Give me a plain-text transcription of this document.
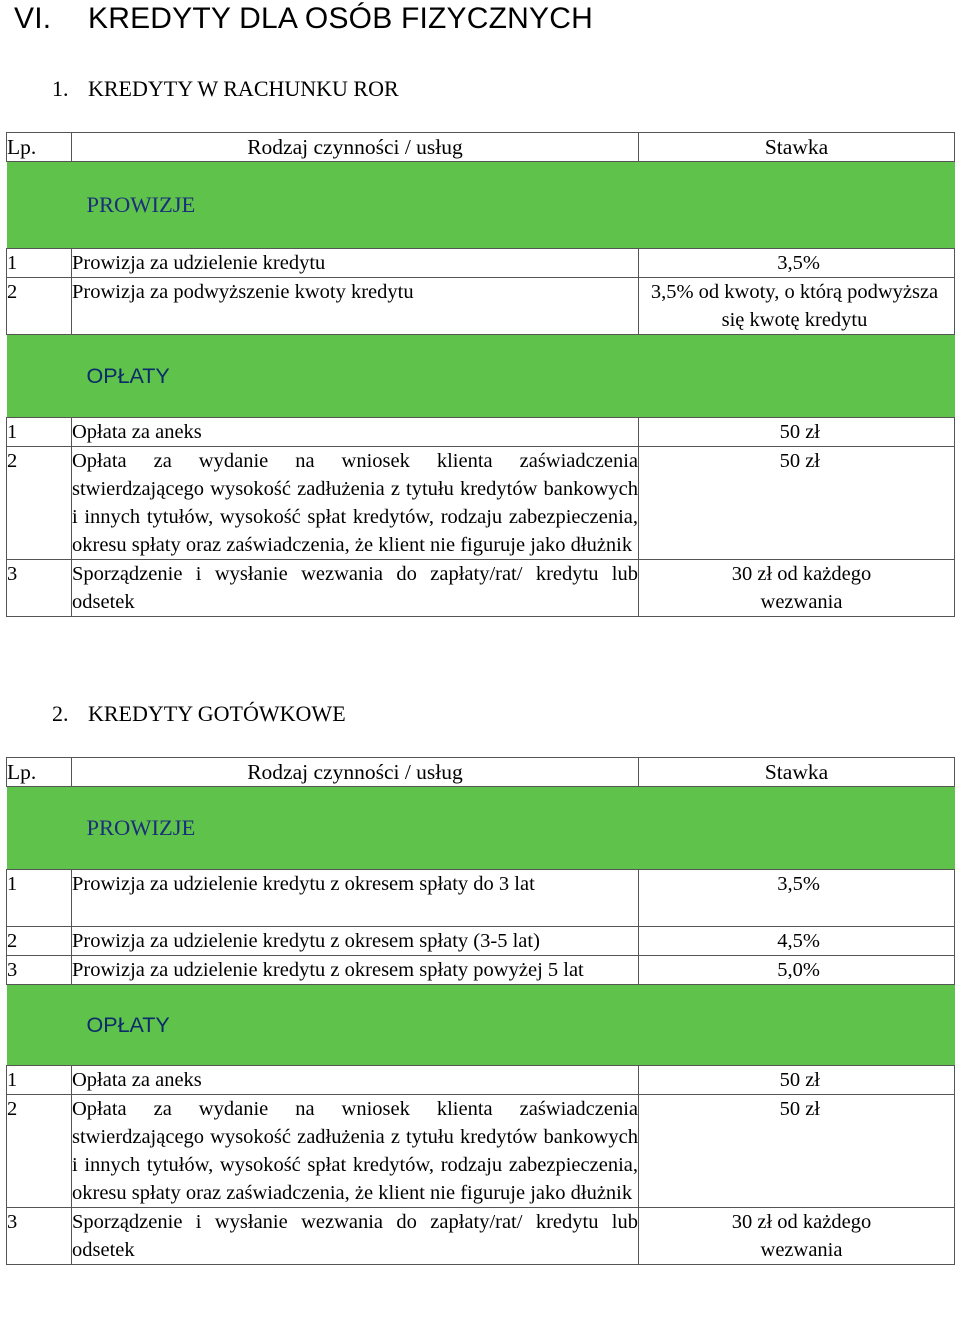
VI. KREDYTY DLA OSÓB FIZYCZNYCH
1. KREDYTY W RACHUNKU ROR
Lp.	Rodzaj czynności / usług	Stawka
PROWIZJE		
1	Prowizja za udzielenie kredytu	3,5%
2	Prowizja za podwyższenie kwoty kredytu	3,5% od kwoty, o którą podwyższa się kwotę kredytu
OPŁATY		
1	Opłata za aneks	50 zł
2	Opłata za wydanie na wniosek klienta zaświadczenia stwierdzającego wysokość zadłużenia z tytułu kredytów bankowych i innych tytułów, wysokość spłat kredytów, rodzaju zabezpieczenia, okresu spłaty oraz zaświadczenia, że klient nie figuruje jako dłużnik	50 zł
3	Sporządzenie i wysłanie wezwania do zapłaty/rat/ kredytu lub odsetek	30 zł od każdego wezwania
2. KREDYTY GOTÓWKOWE
Lp.	Rodzaj czynności / usług	Stawka
PROWIZJE		
1	Prowizja za udzielenie kredytu z okresem spłaty do 3 lat	3,5%
2	Prowizja za udzielenie kredytu z okresem spłaty (3-5 lat)	4,5%
3	Prowizja za udzielenie kredytu z okresem spłaty powyżej 5 lat	5,0%
OPŁATY		
1	Opłata za aneks	50 zł
2	Opłata za wydanie na wniosek klienta zaświadczenia stwierdzającego wysokość zadłużenia z tytułu kredytów bankowych i innych tytułów, wysokość spłat kredytów, rodzaju zabezpieczenia, okresu spłaty oraz zaświadczenia, że klient nie figuruje jako dłużnik	50 zł
3	Sporządzenie i wysłanie wezwania do zapłaty/rat/ kredytu lub odsetek	30 zł od każdego wezwania
